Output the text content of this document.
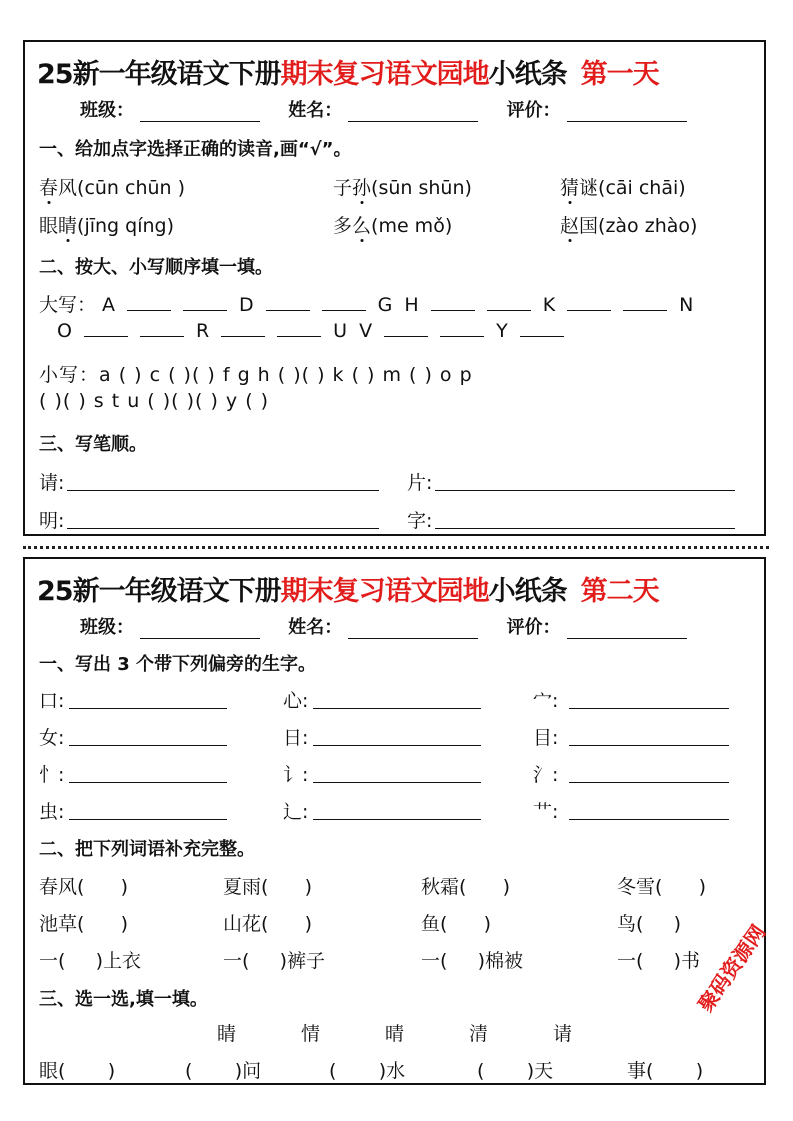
25新一年级语文下册期末复习语文园地小纸条 第一天
班级：	姓名：	评价：
一、给加点字选择正确的读音,画“√”。
春风(cūn chūn )	子孙(sūn shūn)	猜谜(cāi chāi)
眼睛(jīng qíng)	多么(me mǒ)	赵国(zào zhào)
二、按大、小写顺序填一填。
大写： A	D	G H	K	N
O	R	U V	Y
小写：a ( ) c ( )( ) f g h ( )( ) k ( ) m ( ) o p
( )( ) s t u ( )( )( ) y ( )
三、写笔顺。
请:	片:
明:	字:
25新一年级语文下册期末复习语文园地小纸条 第二天
班级：	姓名：	评价：
一、写出 3 个带下列偏旁的生字。
口:	心:	宀:
女:	日:	目:
忄:	讠:	氵:
虫:	辶:	艹:
二、把下列词语补充完整。
春风(      )	夏雨(      )	秋霜(      )	冬雪(      )
池草(      )	山花(      )	鱼(      )	鸟(     )
一(     )上衣	一(     )裤子	一(     )棉被	一(     )书
三、选一选,填一填。
睛	情	晴	清	请
眼(       )	(       )问	(       )水	(       )天	事(       )
聚码资源网
